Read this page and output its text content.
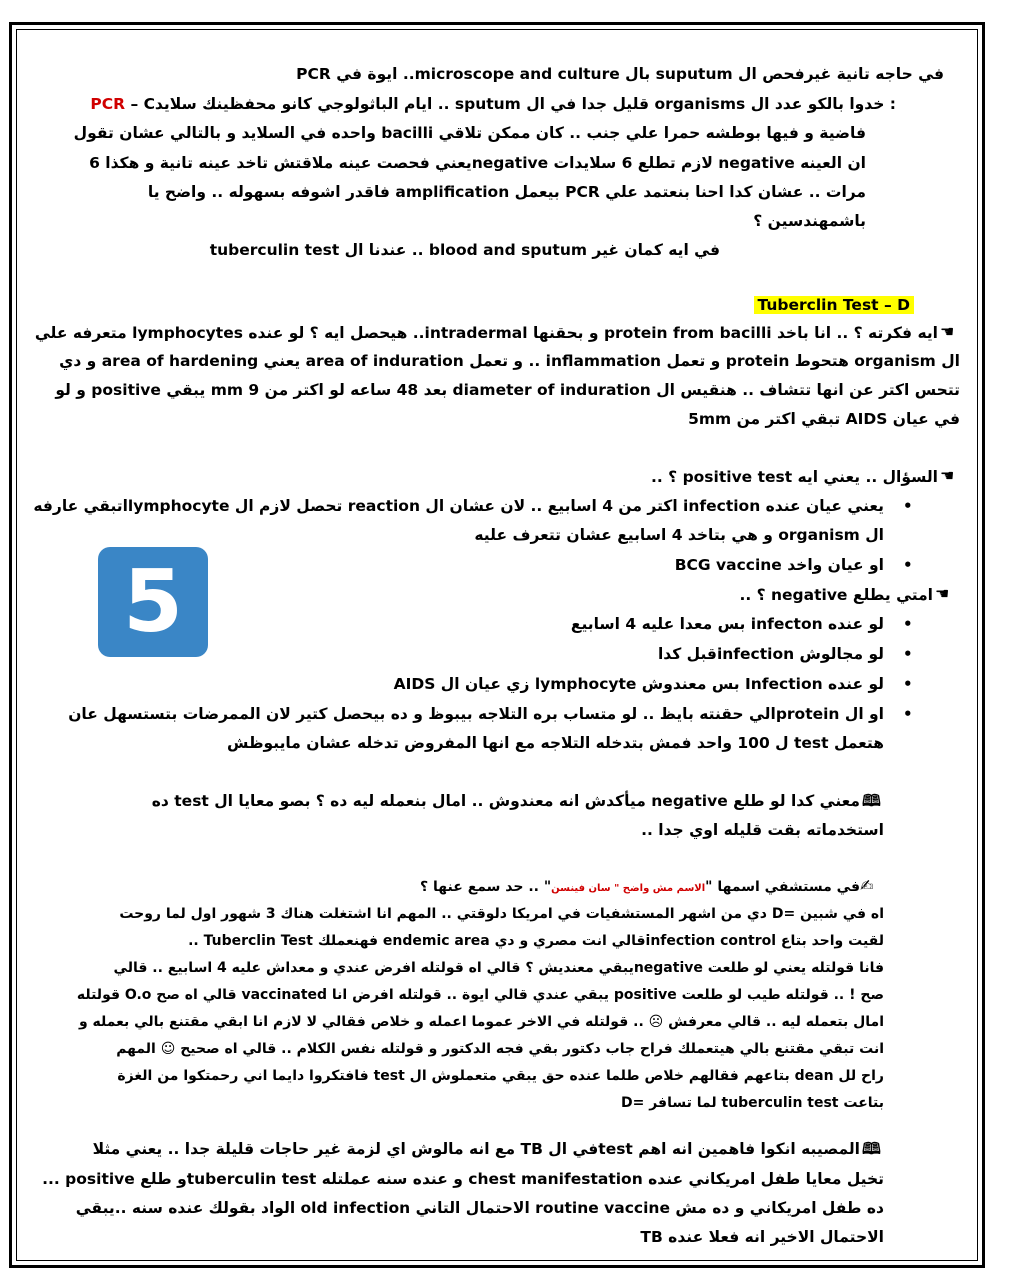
في حاجه تانية غيرفحص ال suputum بال microscope and culture.. ايوة في PCR
: خدوا بالكو عدد ال organisms قليل جدا في ال sputum .. ايام الباثولوجي كانو محفظينك سلايد
PCR – C
فاضية و فيها بوطشه حمرا علي جنب .. كان ممكن تلاقي bacilli واحده في السلايد و بالتالي عشان تقول
ان العينه negative لازم تطلع 6 سلايدات negativeيعني فحصت عينه ملاقتش تاخد عينه تانية و هكذا 6
مرات .. عشان كدا احنا بنعتمد علي PCR بيعمل amplification فاقدر اشوفه بسهوله .. واضح يا
باشمهندسين ؟
في ايه كمان غير blood and sputum .. عندنا ال tuberculin test
Tuberclin Test – D
☚
ايه فكرته ؟ .. انا باخد protein from bacilli و بحقنها intradermal.. هيحصل ايه ؟ لو عنده lymphocytes متعرفه علي
ال organism هتحوط protein و تعمل inflammation .. و تعمل area of induration يعني area of hardening و دي
تتحس اكتر عن انها تتشاف .. هنقيس ال diameter of induration بعد 48 ساعه لو اكتر من 9 mm يبقي positive و لو
في عيان AIDS تبقي اكتر من 5mm
☚
السؤال .. يعني ايه positive test ؟ ..
•
يعني عيان عنده infection اكتر من 4 اسابيع .. لان عشان ال reaction تحصل لازم ال lymphocyteاتبقي عارفه
ال organism و هي بتاخد 4 اسابيع عشان تتعرف عليه
•
او عيان واخد BCG vaccine
5	☚
امتي يطلع negative ؟ ..
•
لو عنده infecton بس معدا عليه 4 اسابيع
•
لو مجالوش infectionقبل كدا
•
لو عنده Infection بس معندوش lymphocyte زي عيان ال AIDS
•
او ال proteinالي حقنته بايظ .. لو متساب بره التلاجه بيبوظ و ده بيحصل كتير لان الممرضات بتستسهل عان
هتعمل test ل 100 واحد فمش بتدخله التلاجه مع انها المفروض تدخله عشان مايبوظش
🕮
معني كدا لو طلع negative ميأكدش انه معندوش .. امال بنعمله ليه ده ؟ بصو معايا ال test ده
استخدماته بقت قليله اوي جدا ..
✍
في مستشفي اسمها "الاسم مش واضح " سان فينسن" .. حد سمع عنها ؟
اه في شبين =D دي من اشهر المستشفيات في امريكا دلوقتي .. المهم انا اشتغلت هناك 3 شهور اول لما روحت
لقيت واحد بتاع infection controlقالي انت مصري و دي endemic area فهنعملك Tuberclin Test ..
فانا قولتله يعني لو طلعت negativeيبقي معنديش ؟ قالي اه قولتله افرض عندي و معداش عليه 4 اسابيع .. قالي
صح ! .. قولتله طيب لو طلعت positive يبقي عندي قالي ايوة .. قولتله افرض انا vaccinated قالي اه صح O.o قولتله
امال بتعمله ليه .. قالي معرفش ☹ .. قولتله في الاخر عموما اعمله و خلاص فقالي لا لازم انا ابقي مقتنع بالي بعمله و
انت تبقي مقتنع بالي هيتعملك فراح جاب دكتور بقي فجه الدكتور و قولتله نفس الكلام .. قالي اه صحيح ☺ المهم
راح لل dean بتاعهم فقالهم خلاص طلما عنده حق يبقي متعملوش ال test فافتكروا دايما اني رحمتكوا من الغزة
بتاعت tuberculin test لما تسافر =D
🕮
المصيبه انكوا فاهمين انه اهم testفي ال TB مع انه مالوش اي لزمة غير حاجات قليلة جدا .. يعني مثلا
تخيل معايا طفل امريكاني عنده chest manifestation و عنده سنه عملتله tuberculin testو طلع positive ...
ده طفل امريكاني و ده مش routine vaccine الاحتمال التاني old infection الواد بقولك عنده سنه ..يبقي
الاحتمال الاخير انه فعلا عنده TB
